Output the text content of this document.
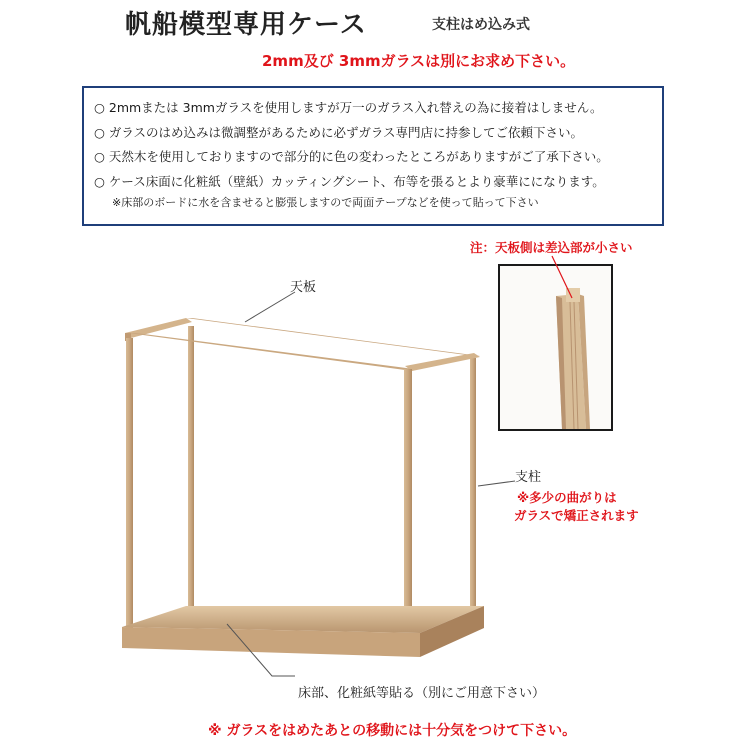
帆船模型専用ケース	支柱はめ込み式
2mm及び 3mmガラスは別にお求め下さい。
○ 2mmまたは 3mmガラスを使用しますが万一のガラス入れ替えの為に接着はしません。
○ ガラスのはめ込みは微調整があるために必ずガラス専門店に持参してご依頼下さい。
○ 天然木を使用しておりますので部分的に色の変わったところがありますがご了承下さい。
○ ケース床面に化粧紙（壁紙）カッティングシート、布等を張るとより豪華にになります。
※床部のボードに水を含ませると膨張しますので両面テープなどを使って貼って下さい
注：天板側は差込部が小さい
天板
支柱
※多少の曲がりは
ガラスで矯正されます
床部、化粧紙等貼る（別にご用意下さい）
※ ガラスをはめたあとの移動には十分気をつけて下さい。
